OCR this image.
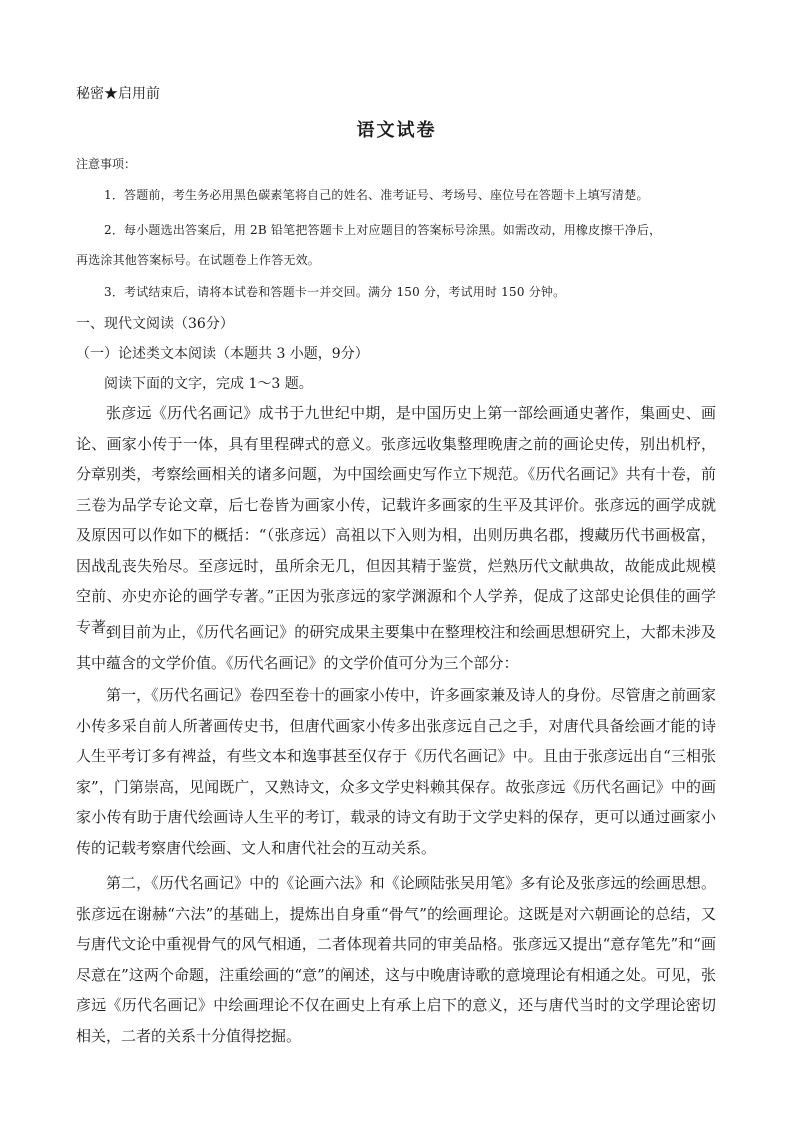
秘密★启用前
语文试卷
注意事项：
1．答题前，考生务必用黑色碳素笔将自己的姓名、准考证号、考场号、座位号在答题卡上填写清楚。
2．每小题选出答案后，用 2B 铅笔把答题卡上对应题目的答案标号涂黑。如需改动，用橡皮擦干净后，
再选涂其他答案标号。在试题卷上作答无效。
3．考试结束后，请将本试卷和答题卡一并交回。满分 150 分，考试用时 150 分钟。
一、现代文阅读（36分）
（一）论述类文本阅读（本题共 3 小题，9分）
阅读下面的文字，完成 1～3 题。

张彦远《历代名画记》成书于九世纪中期，是中国历史上第一部绘画通史著作，集画史、画论、画家小传于一体，具有里程碑式的意义。张彦远收集整理晚唐之前的画论史传，别出机杼，分章别类，考察绘画相关的诸多问题，为中国绘画史写作立下规范。《历代名画记》共有十卷，前三卷为品学专论文章，后七卷皆为画家小传，记载许多画家的生平及其评价。张彦远的画学成就及原因可以作如下的概括：“（张彦远）高祖以下入则为相，出则历典名郡，搜藏历代书画极富，因战乱丧失殆尽。至彦远时，虽所余无几，但因其精于鉴赏，烂熟历代文献典故，故能成此规模空前、亦史亦论的画学专著。”正因为张彦远的家学渊源和个人学养，促成了这部史论俱佳的画学专著。

到目前为止，《历代名画记》的研究成果主要集中在整理校注和绘画思想研究上，大都未涉及其中蕴含的文学价值。《历代名画记》的文学价值可分为三个部分：

第一，《历代名画记》卷四至卷十的画家小传中，许多画家兼及诗人的身份。尽管唐之前画家小传多采自前人所著画传史书，但唐代画家小传多出张彦远自己之手，对唐代具备绘画才能的诗人生平考订多有裨益，有些文本和逸事甚至仅存于《历代名画记》中。且由于张彦远出自“三相张家”，门第崇高，见闻既广，又熟诗文，众多文学史料赖其保存。故张彦远《历代名画记》中的画家小传有助于唐代绘画诗人生平的考订，载录的诗文有助于文学史料的保存，更可以通过画家小传的记载考察唐代绘画、文人和唐代社会的互动关系。

第二，《历代名画记》中的《论画六法》和《论顾陆张吴用笔》多有论及张彦远的绘画思想。张彦远在谢赫“六法”的基础上，提炼出自身重“骨气”的绘画理论。这既是对六朝画论的总结，又与唐代文论中重视骨气的风气相通，二者体现着共同的审美品格。张彦远又提出“意存笔先”和“画尽意在”这两个命题，注重绘画的“意”的阐述，这与中晚唐诗歌的意境理论有相通之处。可见，张彦远《历代名画记》中绘画理论不仅在画史上有承上启下的意义，还与唐代当时的文学理论密切相关，二者的关系十分值得挖掘。
